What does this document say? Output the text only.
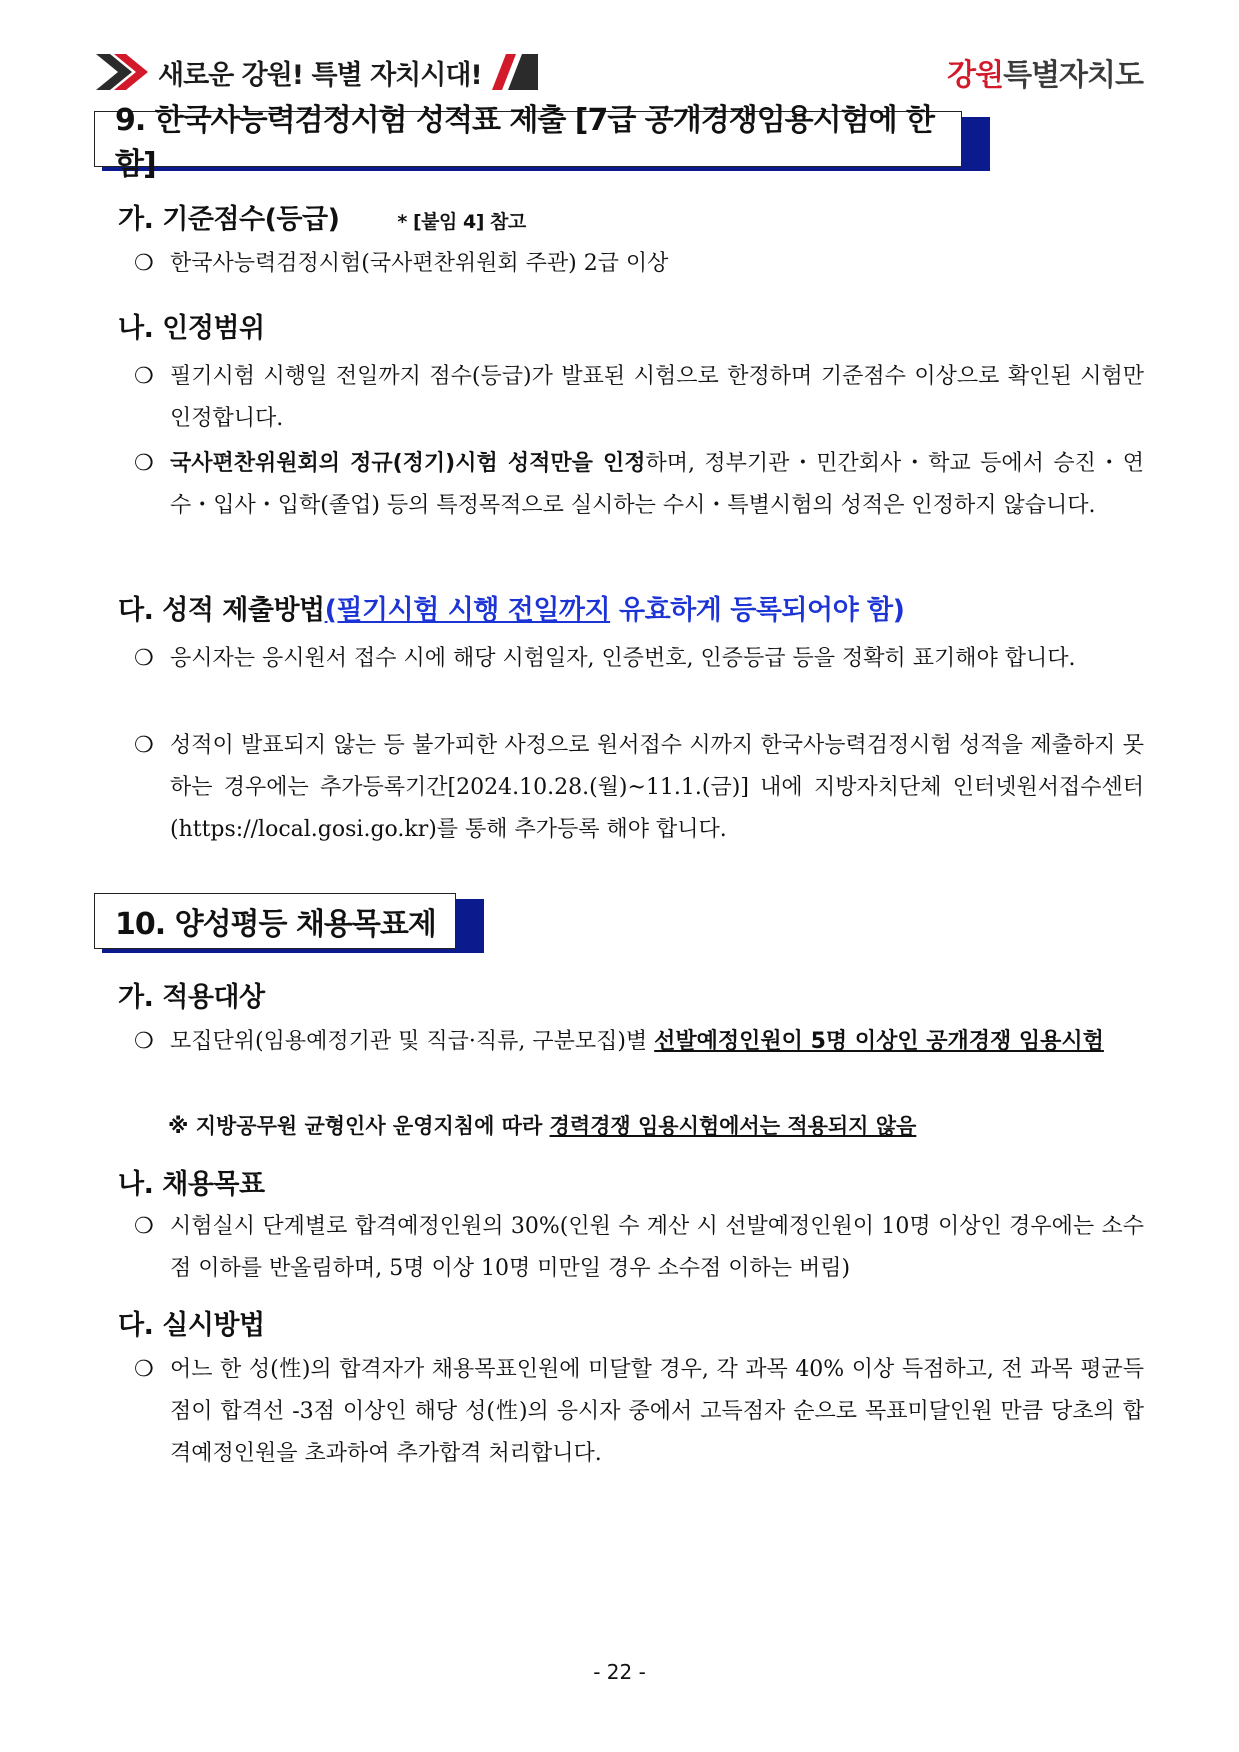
새로운 강원! 특별 자치시대!	강원 특별자치도
9. 한국사능력검정시험 성적표 제출 [7급 공개경쟁임용시험에 한함]
가. 기준점수(등급)	* [붙임 4] 참고
❍ 한국사능력검정시험(국사편찬위원회 주관) 2급 이상
나. 인정범위
❍ 필기시험 시행일 전일까지 점수(등급)가 발표된 시험으로 한정하며 기준점수 이상으로 확인된 시험만 인정합니다.
❍ 국사편찬위원회의 정규(정기)시험 성적만을 인정하며, 정부기관・민간회사・학교 등에서 승진・연수・입사・입학(졸업) 등의 특정목적으로 실시하는 수시・특별시험의 성적은 인정하지 않습니다.
다. 성적 제출방법(필기시험 시행 전일까지 유효하게 등록되어야 함)
❍ 응시자는 응시원서 접수 시에 해당 시험일자, 인증번호, 인증등급 등을 정확히 표기해야 합니다.
❍ 성적이 발표되지 않는 등 불가피한 사정으로 원서접수 시까지 한국사능력검정시험 성적을 제출하지 못하는 경우에는 추가등록기간[2024.10.28.(월)~11.1.(금)] 내에 지방자치단체 인터넷원서접수센터(https://local.gosi.go.kr)를 통해 추가등록 해야 합니다.
10. 양성평등 채용목표제
가. 적용대상
❍ 모집단위(임용예정기관 및 직급·직류, 구분모집)별 선발예정인원이 5명 이상인 공개경쟁 임용시험
※ 지방공무원 균형인사 운영지침에 따라 경력경쟁 임용시험에서는 적용되지 않음
나. 채용목표
❍ 시험실시 단계별로 합격예정인원의 30%(인원 수 계산 시 선발예정인원이 10명 이상인 경우에는 소수점 이하를 반올림하며, 5명 이상 10명 미만일 경우 소수점 이하는 버림)
다. 실시방법
❍ 어느 한 성(性)의 합격자가 채용목표인원에 미달할 경우, 각 과목 40% 이상 득점하고, 전 과목 평균득점이 합격선 -3점 이상인 해당 성(性)의 응시자 중에서 고득점자 순으로 목표미달인원 만큼 당초의 합격예정인원을 초과하여 추가합격 처리합니다.
- 22 -
